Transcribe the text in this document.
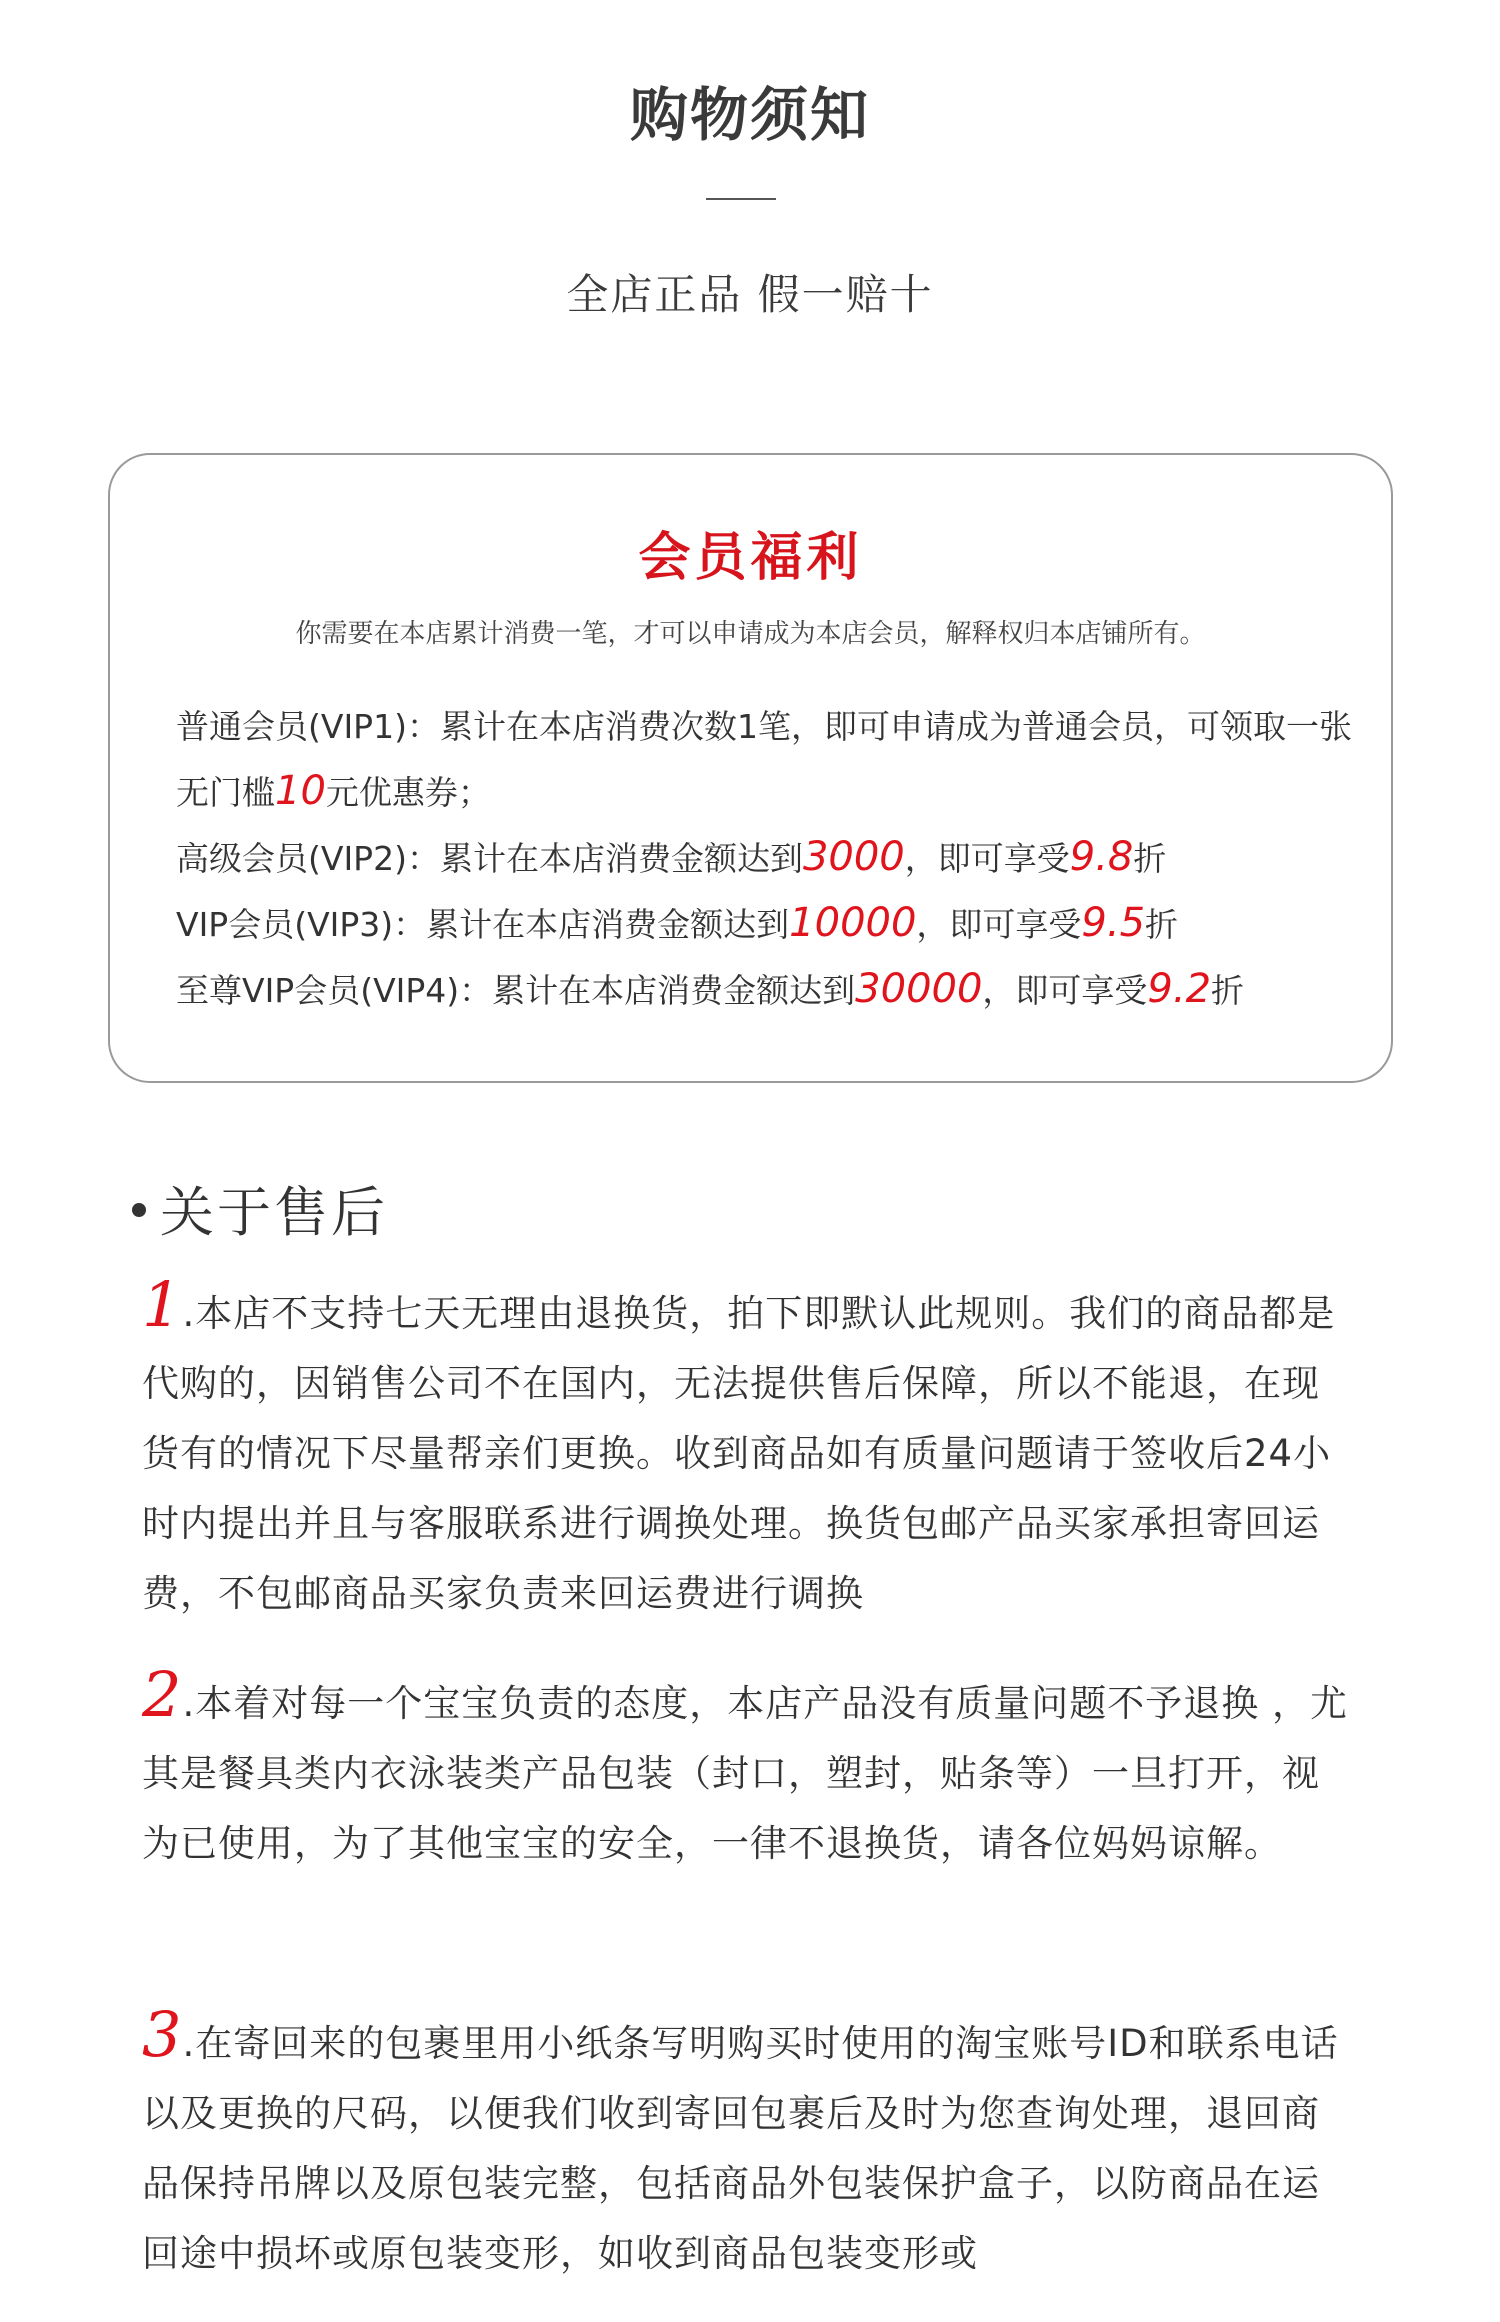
购物须知
全店正品 假一赔十
会员福利
你需要在本店累计消费一笔，才可以申请成为本店会员，解释权归本店铺所有。
普通会员(VIP1)：累计在本店消费次数1笔，即可申请成为普通会员，可领取一张无门槛10元优惠券；
高级会员(VIP2)：累计在本店消费金额达到3000，即可享受9.8折
VIP会员(VIP3)：累计在本店消费金额达到10000，即可享受9.5折
至尊VIP会员(VIP4)：累计在本店消费金额达到30000，即可享受9.2折
关于售后
1.本店不支持七天无理由退换货，拍下即默认此规则。我们的商品都是代购的，因销售公司不在国内，无法提供售后保障，所以不能退，在现货有的情况下尽量帮亲们更换。收到商品如有质量问题请于签收后24小时内提出并且与客服联系进行调换处理。换货包邮产品买家承担寄回运费，不包邮商品买家负责来回运费进行调换
2.本着对每一个宝宝负责的态度，本店产品没有质量问题不予退换 ，尤其是餐具类内衣泳装类产品包装（封口，塑封，贴条等）一旦打开，视为已使用，为了其他宝宝的安全，一律不退换货，请各位妈妈谅解。
3.在寄回来的包裹里用小纸条写明购买时使用的淘宝账号ID和联系电话以及更换的尺码，以便我们收到寄回包裹后及时为您查询处理，退回商品保持吊牌以及原包装完整，包括商品外包装保护盒子，以防商品在运回途中损坏或原包装变形，如收到商品包装变形或
